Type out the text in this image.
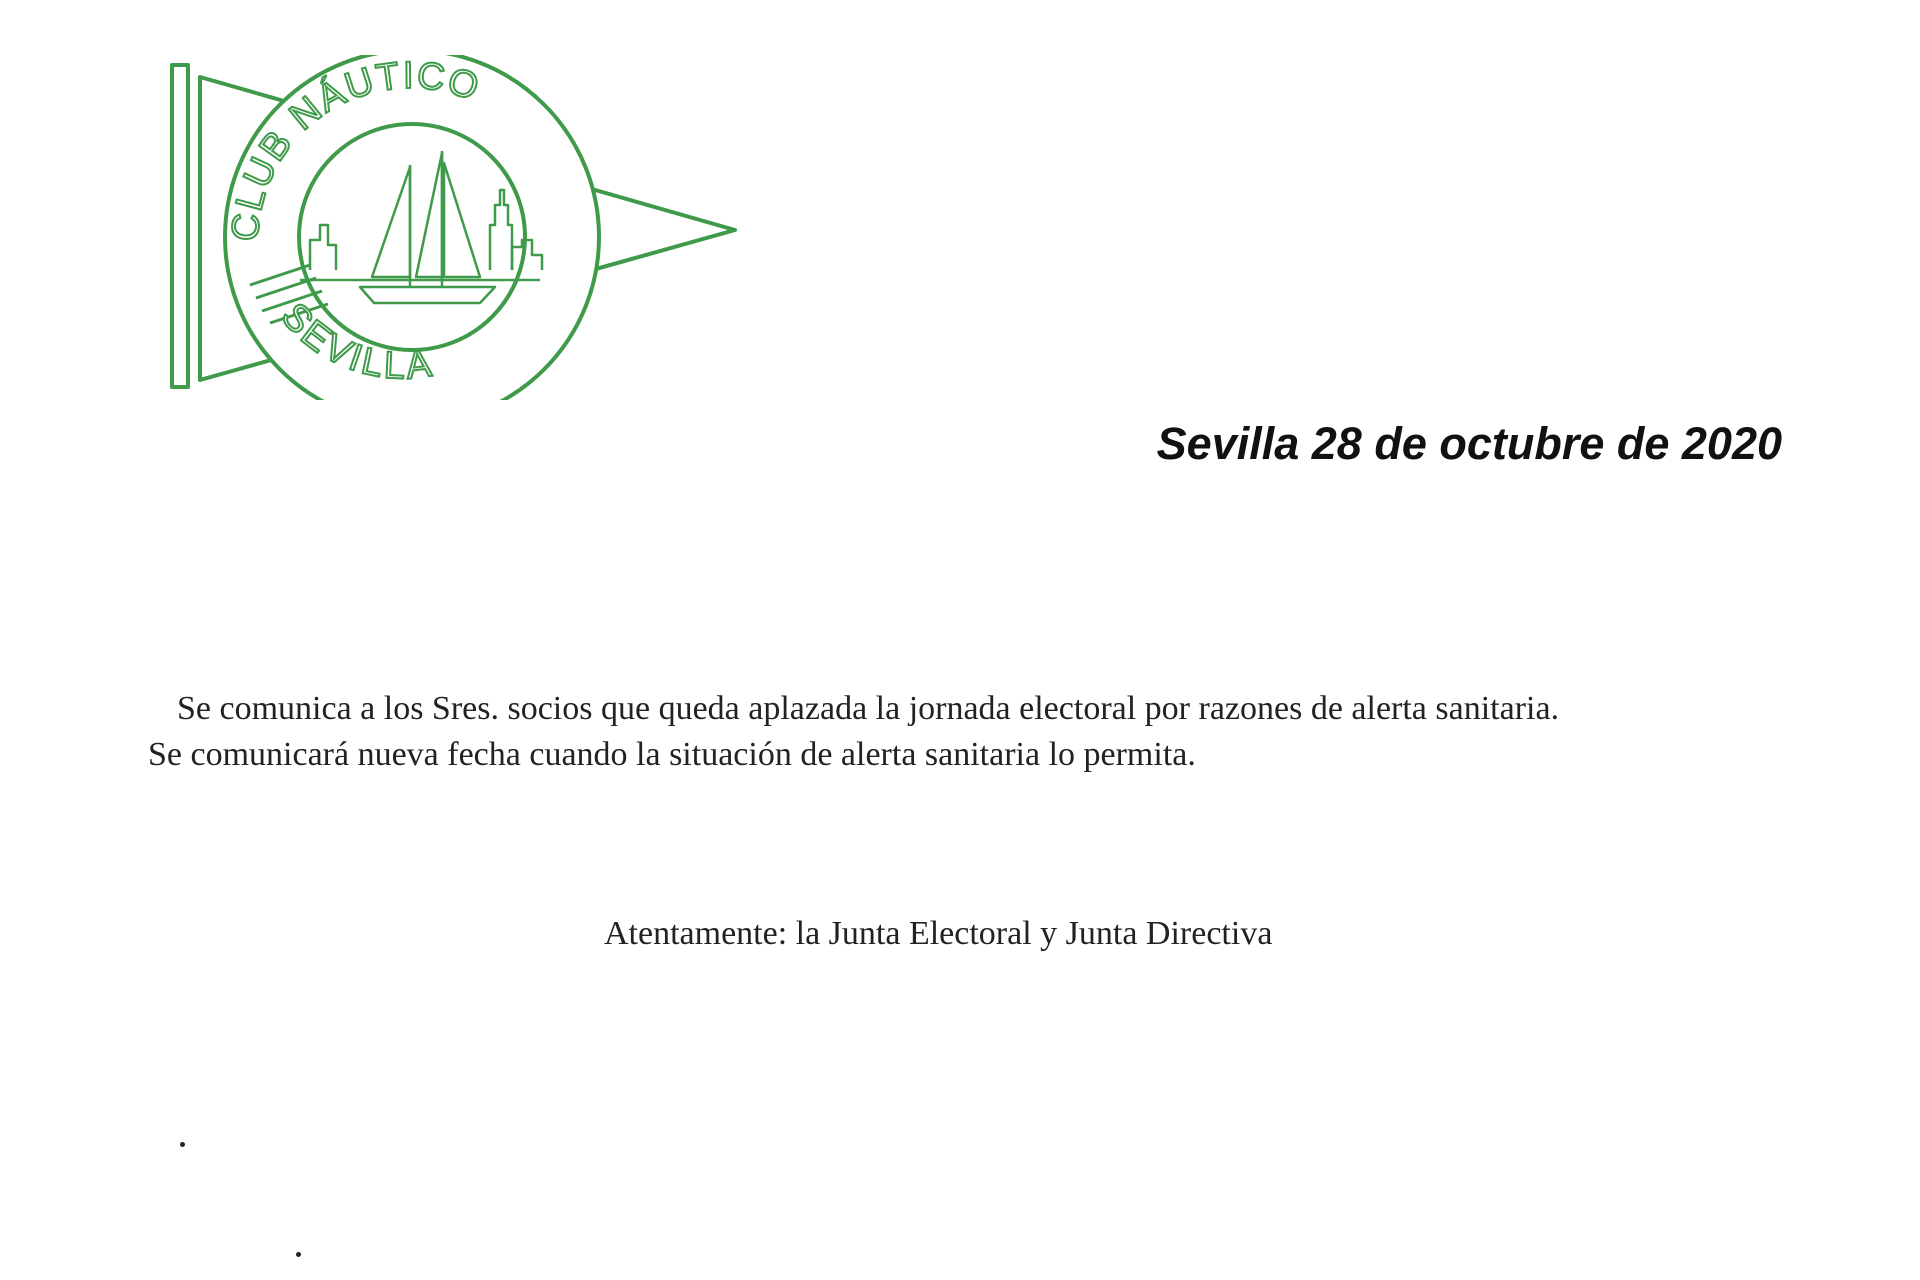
CLUB NÁUTICO
SEVILLA
Sevilla 28 de octubre de 2020

Se comunica a los Sres. socios que queda aplazada la jornada electoral por razones de alerta sanitaria.

Se comunicará nueva fecha cuando la situación de alerta sanitaria lo permita.

Atentamente: la Junta Electoral y Junta Directiva
